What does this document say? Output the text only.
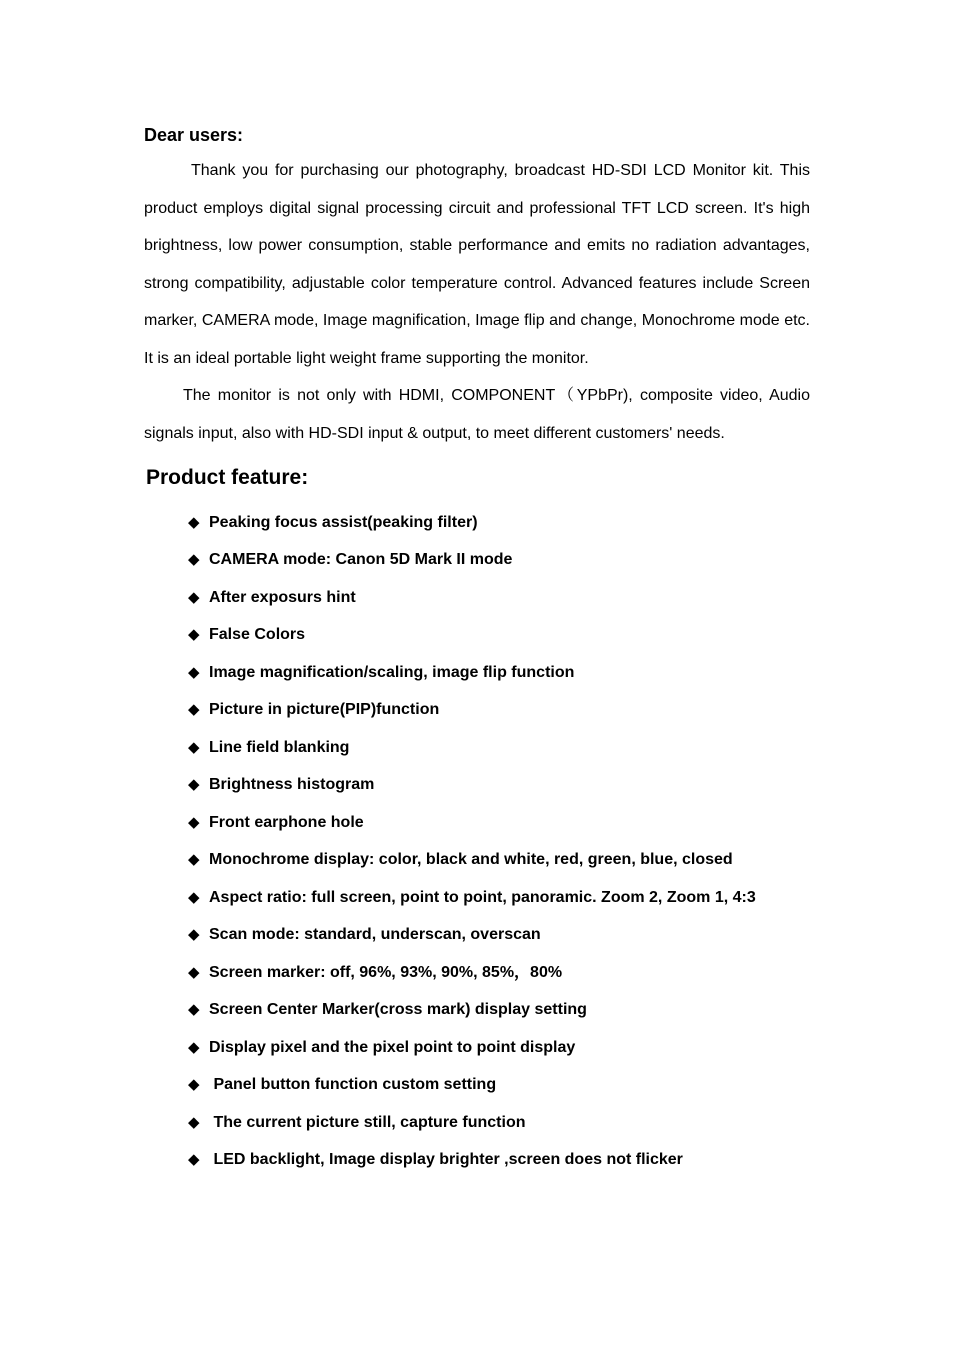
Dear users:

Thank you for purchasing our photography, broadcast HD-SDI LCD Monitor kit. This product employs digital signal processing circuit and professional TFT LCD screen. It's high brightness, low power consumption, stable performance and emits no radiation advantages, strong compatibility, adjustable color temperature control. Advanced features include Screen marker, CAMERA mode, Image magnification, Image flip and change, Monochrome mode etc. It is an ideal portable light weight frame supporting the monitor.

The monitor is not only with HDMI, COMPONENT（YPbPr), composite video, Audio signals input, also with HD-SDI input & output, to meet different customers' needs.

Product feature:
◆ Peaking focus assist(peaking filter)
◆ CAMERA mode: Canon 5D Mark II mode
◆ After exposurs hint
◆ False Colors
◆ Image magnification/scaling, image flip function
◆ Picture in picture(PIP)function
◆ Line field blanking
◆ Brightness histogram
◆ Front earphone hole
◆ Monochrome display: color, black and white, red, green, blue, closed
◆ Aspect ratio: full screen, point to point, panoramic. Zoom 2, Zoom 1, 4:3
◆ Scan mode: standard, underscan, overscan
◆ Screen marker: off, 96%, 93%, 90%, 85%，80%
◆ Screen Center Marker(cross mark) display setting
◆ Display pixel and the pixel point to point display
◆ Panel button function custom setting
◆ The current picture still, capture function
◆ LED backlight, Image display brighter ,screen does not flicker
